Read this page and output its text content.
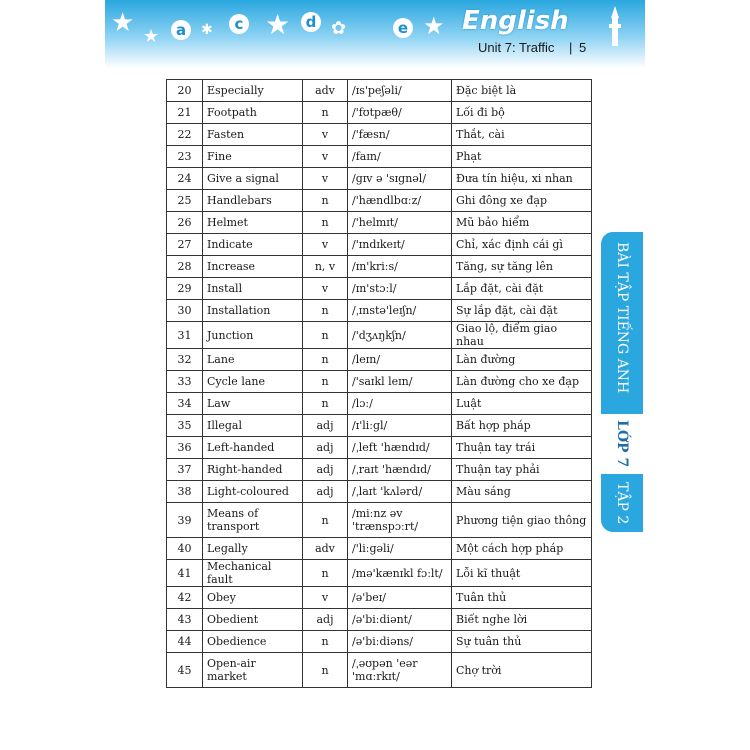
★ ★	a	✱	c ★	d ✿	e ★ English
Unit 7: Traffic | 5
20	Especially	adv	/ɪs'peʃəli/	Đặc biệt là
21	Footpath	n	/'fʊtpæθ/	Lối đi bộ
22	Fasten	v	/'fæsn/	Thắt, cài
23	Fine	v	/faɪn/	Phạt
24	Give a signal	v	/gɪv ə 'sɪgnəl/	Đưa tín hiệu, xi nhan
25	Handlebars	n	/'hændlbɑːz/	Ghi đông xe đạp
26	Helmet	n	/'helmɪt/	Mũ bảo hiểm
27	Indicate	v	/'ɪndɪkeɪt/	Chỉ, xác định cái gì
28	Increase	n, v	/ɪn'kriːs/	Tăng, sự tăng lên
29	Install	v	/ɪn'stɔːl/	Lắp đặt, cài đặt
30	Installation	n	/ˌɪnstə'leɪʃn/	Sự lắp đặt, cài đặt
31	Junction	n	/'dʒʌŋkʃn/	Giao lộ, điểm giao nhau
32	Lane	n	/leɪn/	Làn đường
33	Cycle lane	n	/'saɪkl leɪn/	Làn đường cho xe đạp
34	Law	n	/lɔː/	Luật
35	Illegal	adj	/ɪ'liːgl/	Bất hợp pháp
36	Left-handed	adj	/ˌleft 'hændɪd/	Thuận tay trái
37	Right-handed	adj	/ˌraɪt 'hændɪd/	Thuận tay phải
38	Light-coloured	adj	/ˌlaɪt 'kʌlərd/	Màu sáng
39	Means of transport	n	/miːnz əv 'trænspɔːrt/	Phương tiện giao thông
40	Legally	adv	/'liːgəli/	Một cách hợp pháp
41	Mechanical fault	n	/mə'kænɪkl fɔːlt/	Lỗi kĩ thuật
42	Obey	v	/ə'beɪ/	Tuân thủ
43	Obedient	adj	/ə'biːdiənt/	Biết nghe lời
44	Obedience	n	/ə'biːdiəns/	Sự tuân thủ
45	Open-air market	n	/ˌəʊpən 'eər 'mɑːrkɪt/	Chợ trời
BÀI TẬP TIẾNG ANH
LỚP 7
TẬP 2
